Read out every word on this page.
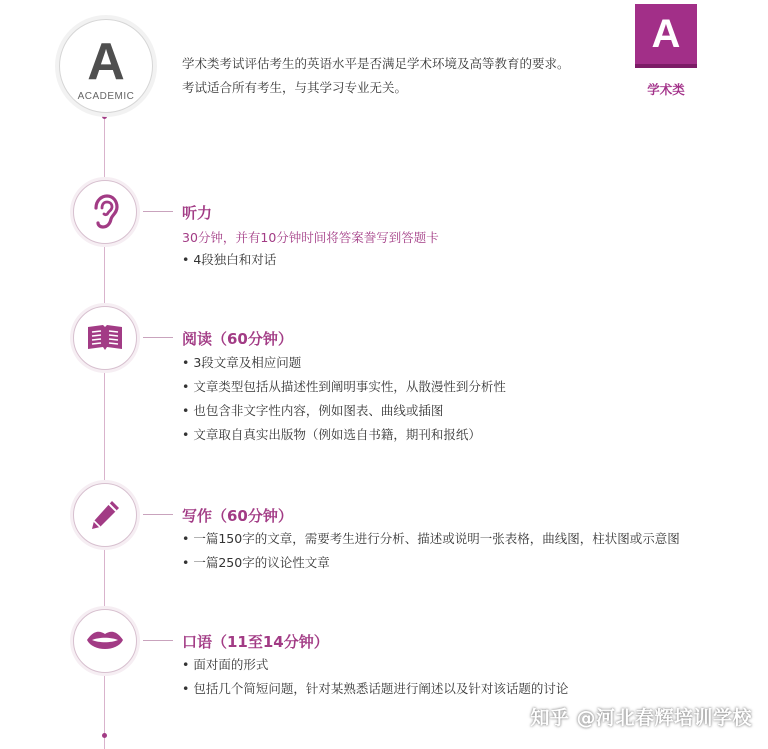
A
ACADEMIC
学术类考试评估考生的英语水平是否满足学术环境及高等教育的要求。
考试适合所有考生，与其学习专业无关。
A
学术类
听力
30分钟，并有10分钟时间将答案誊写到答题卡
• 4段独白和对话
阅读（60分钟）
• 3段文章及相应问题
• 文章类型包括从描述性到阐明事实性，从散漫性到分析性
• 也包含非文字性内容，例如图表、曲线或插图
• 文章取自真实出版物（例如选自书籍，期刊和报纸）
写作（60分钟）
• 一篇150字的文章，需要考生进行分析、描述或说明一张表格，曲线图，柱状图或示意图
• 一篇250字的议论性文章
口语（11至14分钟）
• 面对面的形式
• 包括几个简短问题，针对某熟悉话题进行阐述以及针对该话题的讨论
知乎 @河北春辉培训学校
